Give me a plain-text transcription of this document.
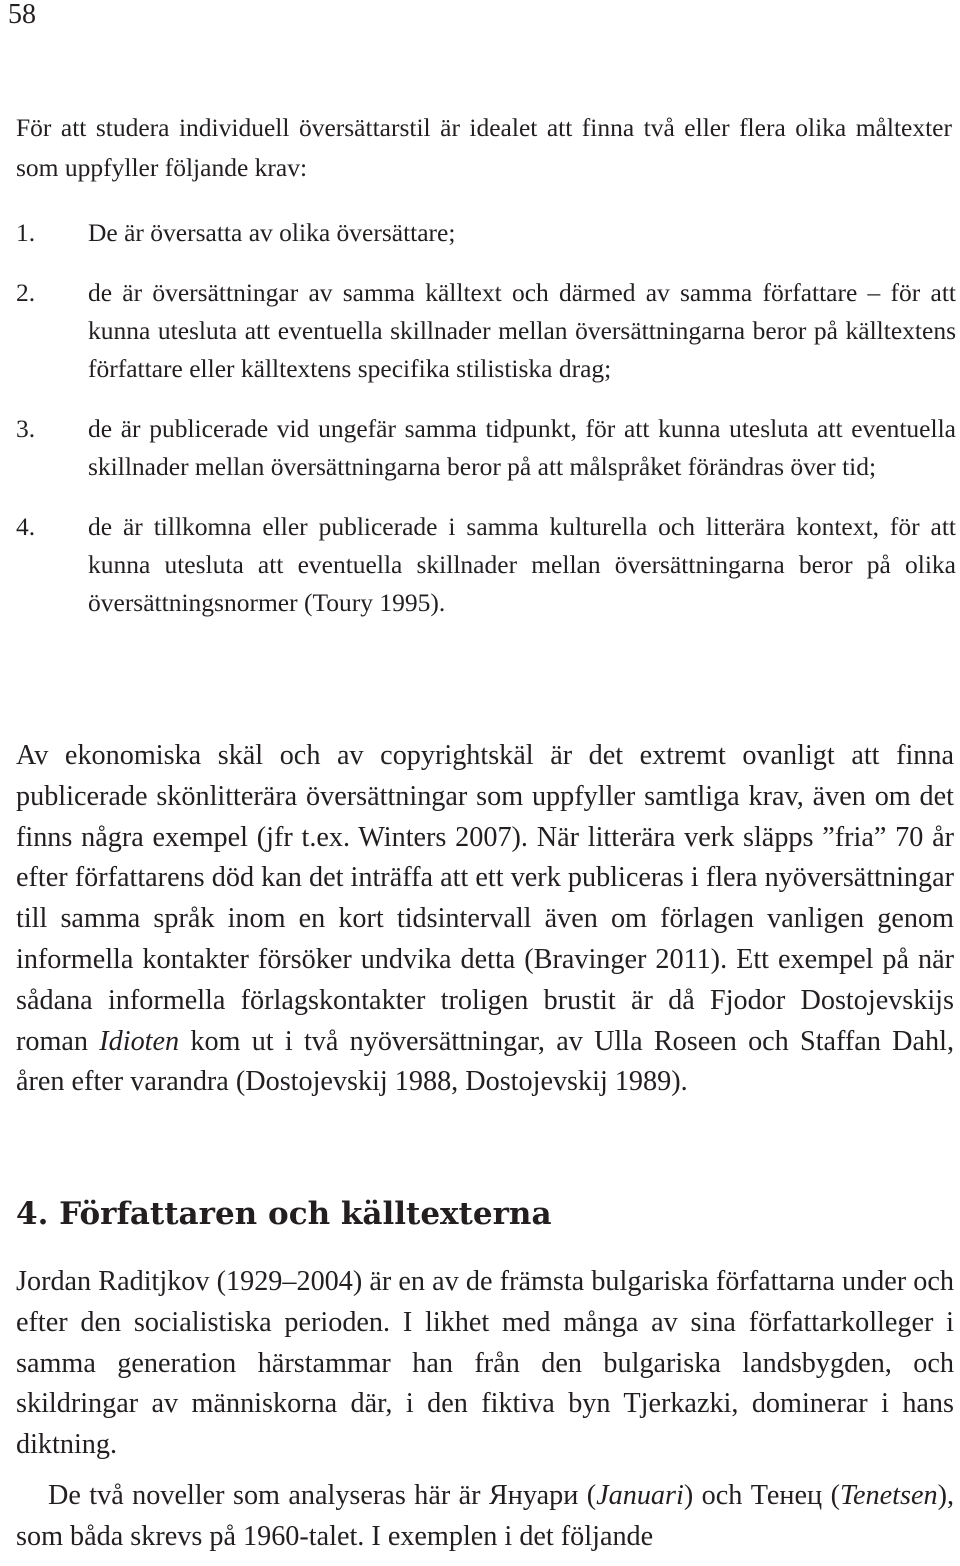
58

För att studera individuell översättarstil är idealet att finna två eller flera olika måltexter som uppfyller följande krav:

1.	De är översatta av olika översättare;
2.	de är översättningar av samma källtext och därmed av samma författare – för att kunna utesluta att eventuella skillnader mellan översättningarna beror på källtextens författare eller källtextens specifika stilistiska drag;
3.	de är publicerade vid ungefär samma tidpunkt, för att kunna utesluta att eventuella skillnader mellan översättningarna beror på att målspråket förändras över tid;
4.	de är tillkomna eller publicerade i samma kulturella och litterära kontext, för att kunna utesluta att eventuella skillnader mellan översättningarna beror på olika översättningsnormer (Toury 1995).

Av ekonomiska skäl och av copyrightskäl är det extremt ovanligt att finna publicerade skönlitterära översättningar som uppfyller samtliga krav, även om det finns några exempel (jfr t.ex. Winters 2007). När litterära verk släpps ”fria” 70 år efter författarens död kan det inträffa att ett verk publiceras i flera nyöversättningar till samma språk inom en kort tidsintervall även om förlagen vanligen genom informella kontakter försöker undvika detta (Bravinger 2011). Ett exempel på när sådana informella förlagskontakter troligen brustit är då Fjodor Dostojevskijs roman Idioten kom ut i två nyöversättningar, av Ulla Roseen och Staffan Dahl, åren efter varandra (Dostojevskij 1988, Dostojevskij 1989).

4. Författaren och källtexterna

Jordan Raditjkov (1929–2004) är en av de främsta bulgariska författarna under och efter den socialistiska perioden. I likhet med många av sina författarkolleger i samma generation härstammar han från den bulgariska landsbygden, och skildringar av människorna där, i den fiktiva byn Tjerkazki, dominerar i hans diktning.

De två noveller som analyseras här är Януари (Januari) och Тенец (Tenetsen), som båda skrevs på 1960-talet. I exemplen i det följande
